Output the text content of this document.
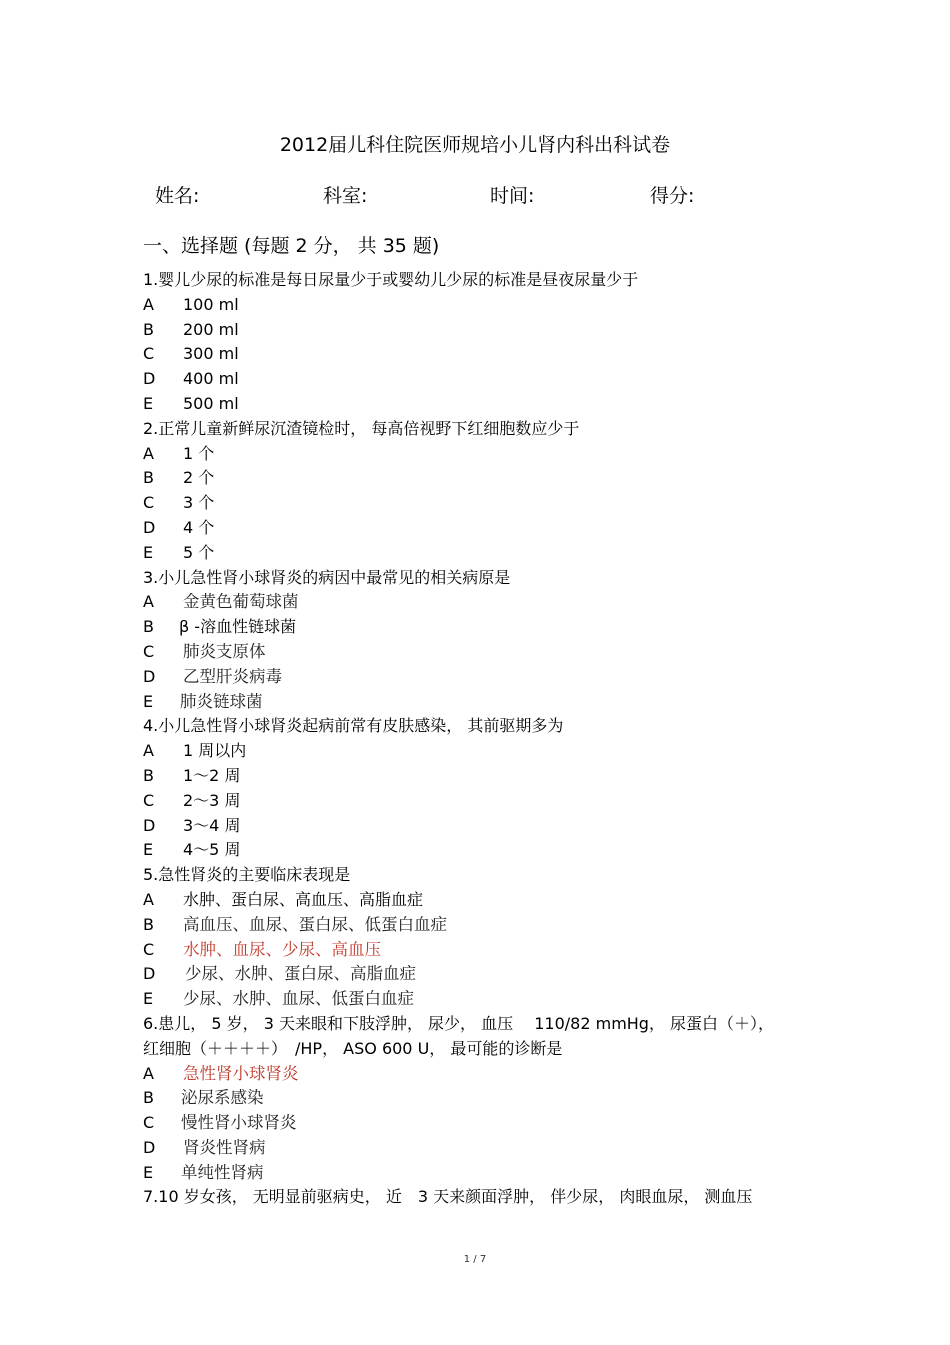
2012届儿科住院医师规培小儿肾内科出科试卷
姓名:	科室:	时间:	得分:
一、选择题 (每题 2 分， 共 35 题)
1.婴儿少尿的标准是每日尿量少于或婴幼儿少尿的标准是昼夜尿量少于
A	100 ml
B	200 ml
C	300 ml
D	400 ml
E	500 ml
2.正常儿童新鲜尿沉渣镜检时， 每高倍视野下红细胞数应少于
A	1 个
B	2 个
C	3 个
D	4 个
E	5 个
3.小儿急性肾小球肾炎的病因中最常见的相关病原是
A	金黄色葡萄球菌
B	β -溶血性链球菌
C	肺炎支原体
D	乙型肝炎病毒
E	肺炎链球菌
4.小儿急性肾小球肾炎起病前常有皮肤感染， 其前驱期多为
A	1 周以内
B	1～2 周
C	2～3 周
D	3～4 周
E	4～5 周
5.急性肾炎的主要临床表现是
A	水肿、蛋白尿、高血压、高脂血症
B	高血压、血尿、蛋白尿、低蛋白血症
C	水肿、血尿、少尿、高血压
D	少尿、水肿、蛋白尿、高脂血症
E	少尿、水肿、血尿、低蛋白血症
6.患儿， 5 岁， 3 天来眼和下肢浮肿， 尿少， 血压　 110/82 mmHg， 尿蛋白（＋），
红细胞（＋＋＋＋）　/HP， ASO 600 U， 最可能的诊断是
A	急性肾小球肾炎
B	泌尿系感染
C	慢性肾小球肾炎
D	肾炎性肾病
E	单纯性肾病
7.10 岁女孩， 无明显前驱病史， 近　3 天来颜面浮肿， 伴少尿， 肉眼血尿， 测血压
1 / 7
